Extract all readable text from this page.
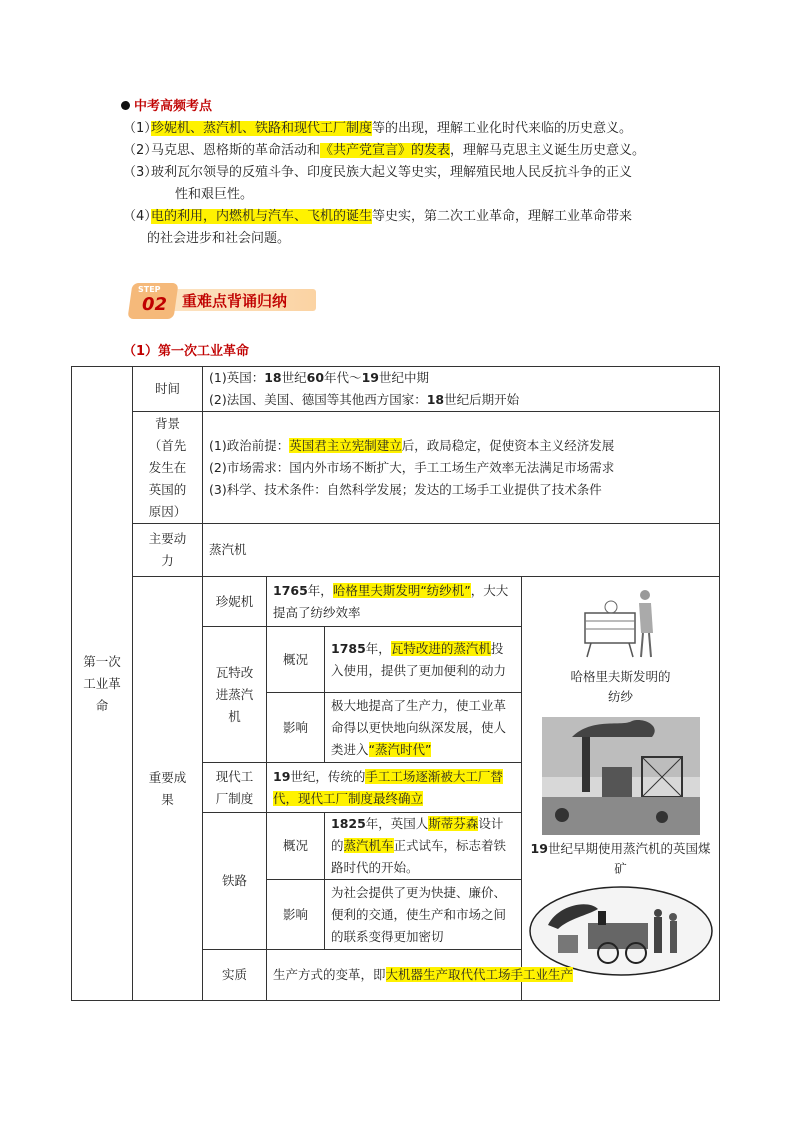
中考高频考点
（1）
珍妮机、蒸汽机、铁路和现代工厂制度等的出现，理解工业化时代来临的历史意义。
（2）
马克思、恩格斯的革命活动和《共产党宣言》的发表，理解马克思主义诞生历史意义。
（3）
玻利瓦尔领导的反殖斗争、印度民族大起义等史实，理解殖民地人民反抗斗争的正义
性和艰巨性。
（4）
电的利用，内燃机与汽车、飞机的诞生等史实，第二次工业革命，理解工业革命带来
的社会进步和社会问题。
STEP
02 重难点背诵归纳
（1）第一次工业革命
第一次工业革命	时间	(1)英国：18世纪60年代～19世纪中期
(2)法国、美国、德国等其他西方国家：18世纪后期开始			

	背景（首先发生在英国的原因）	(1)政治前提：英国君主立宪制建立后，政局稳定，促使资本主义经济发展
(2)市场需求：国内外市场不断扩大，手工工场生产效率无法满足市场需求
(3)科学、技术条件：自然科学发展；发达的工场手工业提供了技术条件			

	主要动力	蒸汽机			

	重要成果	珍妮机	1765年，哈格里夫斯发明“纺纱机”，大大提高了纺纱效率		哈格里夫斯发明的纺纱
19世纪早期使用蒸汽机的英国煤矿

		瓦特改进蒸汽机	概况	1785年，瓦特改进的蒸汽机投入使用，提供了更加便利的动力	
			影响	极大地提高了生产力，使工业革命得以更快地向纵深发展，使人类进入“蒸汽时代”	

		现代工厂制度	19世纪，传统的手工工场逐渐被大工厂替代，现代工厂制度最终确立		
		铁路	概况	1825年，英国人斯蒂芬森设计的蒸汽机车正式试车，标志着铁路时代的开始。	
			影响	为社会提供了更为快捷、廉价、便利的交通，使生产和市场之间的联系变得更加密切	
		实质	生产方式的变革，即大机器生产取代代工场手工业生产		
